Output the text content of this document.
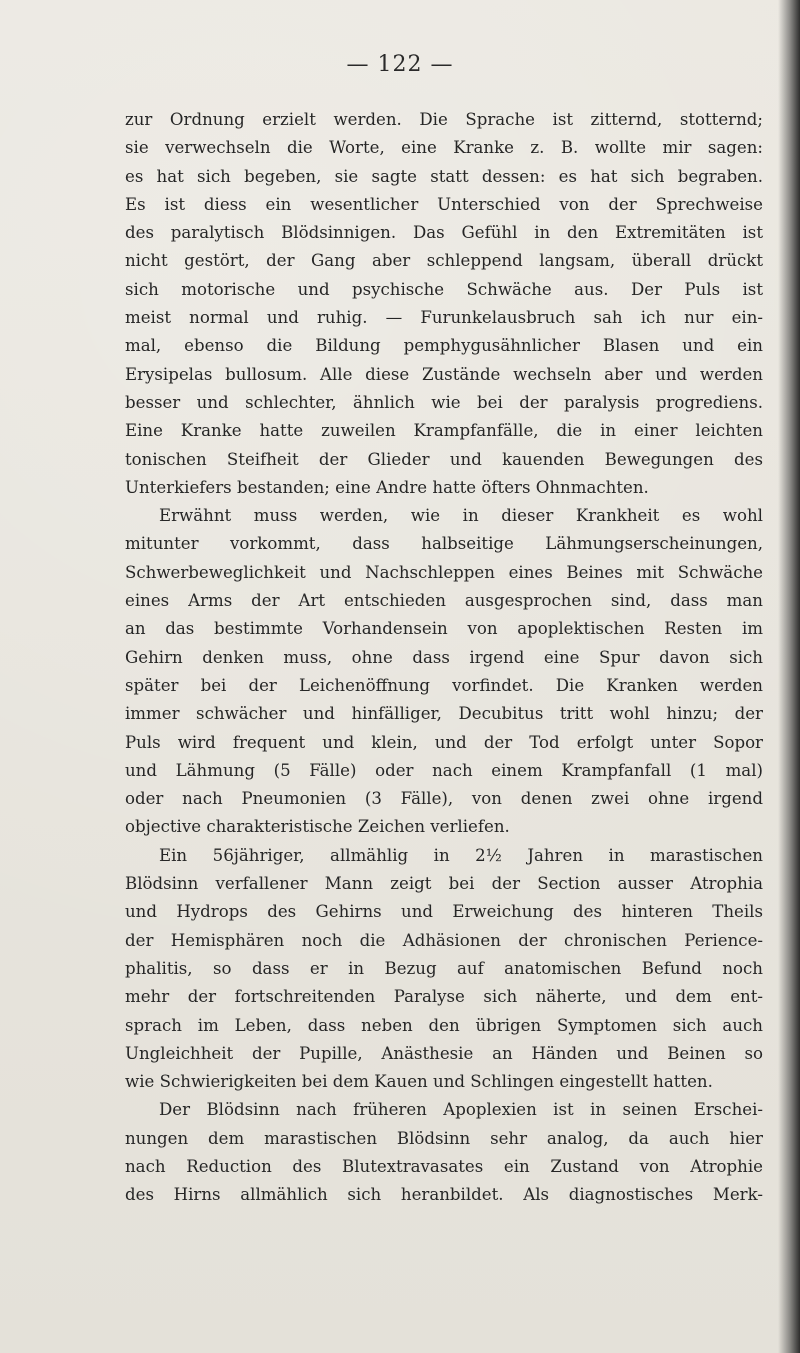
— 122 —
zur Ordnung erzielt werden. Die Sprache ist zitternd, stotternd;
sie verwechseln die Worte, eine Kranke z. B. wollte mir sagen:
es hat sich begeben, sie sagte statt dessen: es hat sich begraben.
Es ist diess ein wesentlicher Unterschied von der Sprechweise
des paralytisch Blödsinnigen. Das Gefühl in den Extremitäten ist
nicht gestört, der Gang aber schleppend langsam, überall drückt
sich motorische und psychische Schwäche aus. Der Puls ist
meist normal und ruhig. — Furunkelausbruch sah ich nur ein-
mal, ebenso die Bildung pemphygusähnlicher Blasen und ein
Erysipelas bullosum. Alle diese Zustände wechseln aber und werden
besser und schlechter, ähnlich wie bei der paralysis progrediens.
Eine Kranke hatte zuweilen Krampfanfälle, die in einer leichten
tonischen Steifheit der Glieder und kauenden Bewegungen des
Unterkiefers bestanden; eine Andre hatte öfters Ohnmachten.
Erwähnt muss werden, wie in dieser Krankheit es wohl
mitunter vorkommt, dass halbseitige Lähmungserscheinungen,
Schwerbeweglichkeit und Nachschleppen eines Beines mit Schwäche
eines Arms der Art entschieden ausgesprochen sind, dass man
an das bestimmte Vorhandensein von apoplektischen Resten im
Gehirn denken muss, ohne dass irgend eine Spur davon sich
später bei der Leichenöffnung vorfindet. Die Kranken werden
immer schwächer und hinfälliger, Decubitus tritt wohl hinzu; der
Puls wird frequent und klein, und der Tod erfolgt unter Sopor
und Lähmung (5 Fälle) oder nach einem Krampfanfall (1 mal)
oder nach Pneumonien (3 Fälle), von denen zwei ohne irgend
objective charakteristische Zeichen verliefen.
Ein 56jähriger, allmählig in 2½ Jahren in marastischen
Blödsinn verfallener Mann zeigt bei der Section ausser Atrophia
und Hydrops des Gehirns und Erweichung des hinteren Theils
der Hemisphären noch die Adhäsionen der chronischen Perience-
phalitis, so dass er in Bezug auf anatomischen Befund noch
mehr der fortschreitenden Paralyse sich näherte, und dem ent-
sprach im Leben, dass neben den übrigen Symptomen sich auch
Ungleichheit der Pupille, Anästhesie an Händen und Beinen so
wie Schwierigkeiten bei dem Kauen und Schlingen eingestellt hatten.
Der Blödsinn nach früheren Apoplexien ist in seinen Erschei-
nungen dem marastischen Blödsinn sehr analog, da auch hier
nach Reduction des Blutextravasates ein Zustand von Atrophie
des Hirns allmählich sich heranbildet. Als diagnostisches Merk-
